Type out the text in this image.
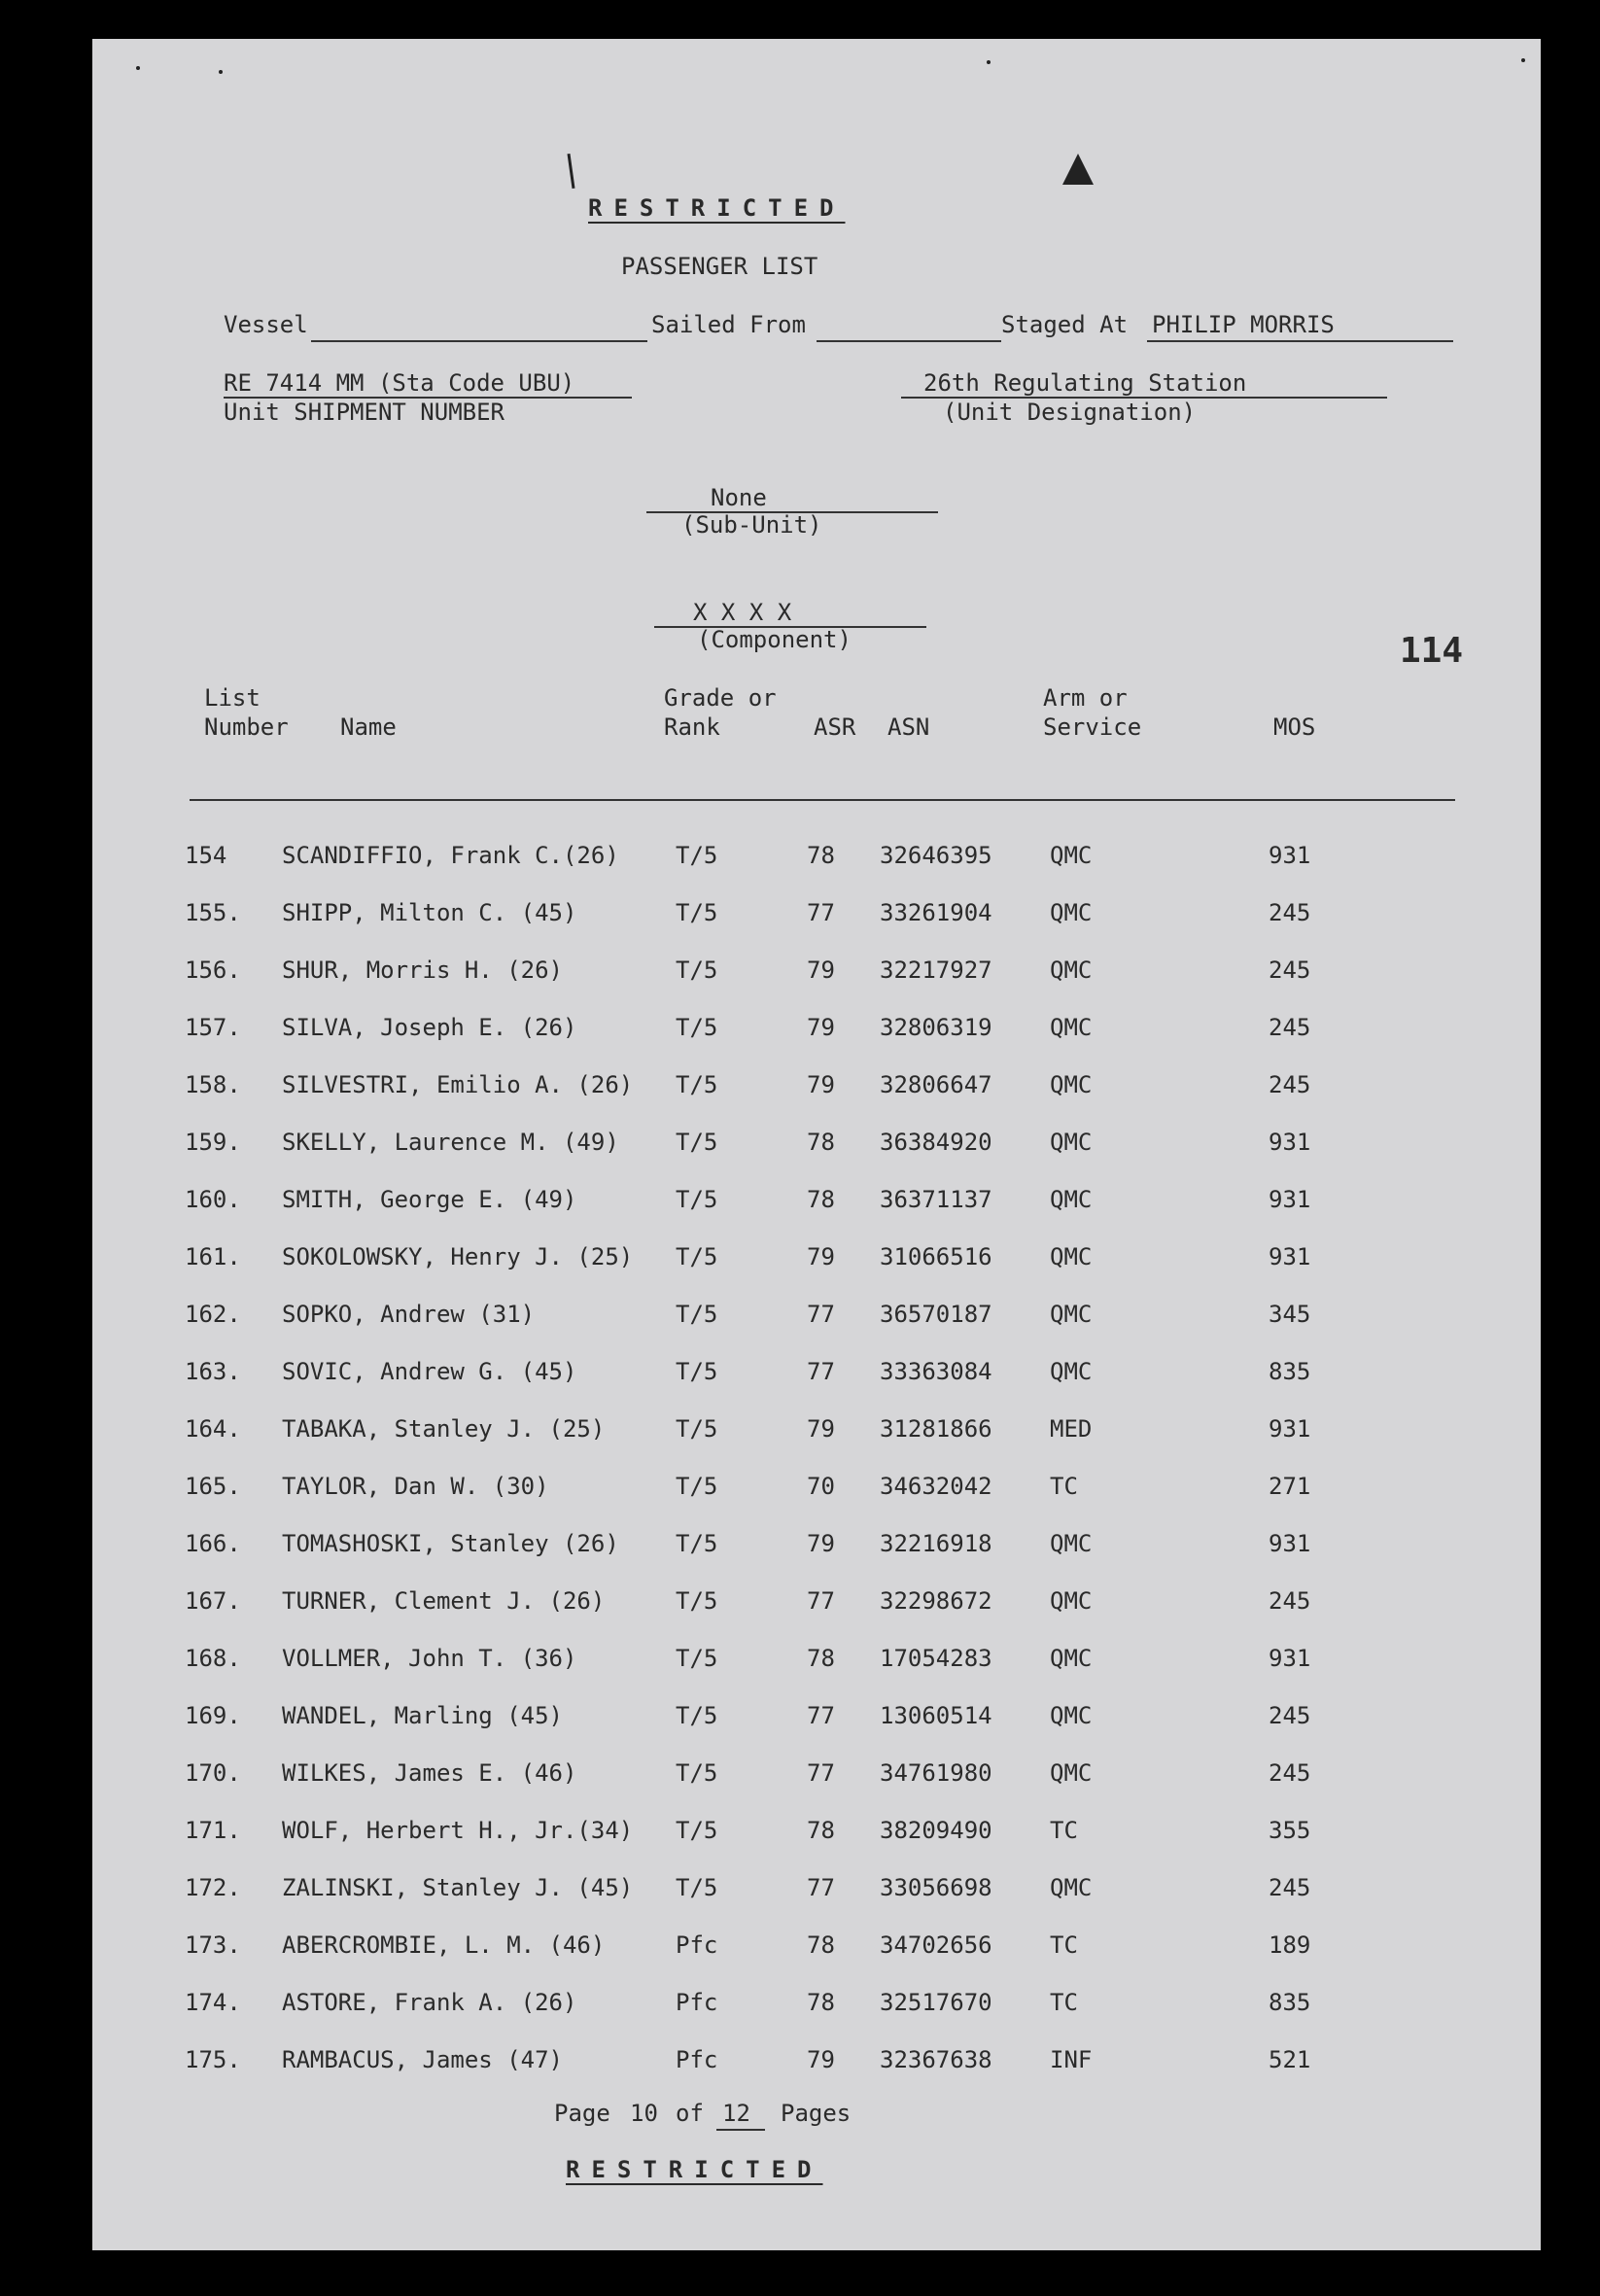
RESTRICTED
PASSENGER LIST
Vessel	Sailed From	Staged At PHILIP MORRIS
RE 7414 MM (Sta Code UBU)
Unit SHIPMENT NUMBER
26th Regulating Station
(Unit Designation)
None
(Sub-Unit)
X X X X
(Component)	114
List
Number Name
Grade or
Rank	ASR ASN
Arm or
Service	MOS
154 SCANDIFFIO, Frank C.(26) T/5	78 32646395 QMC	931
155. SHIPP, Milton C. (45)	T/5	77 33261904 QMC	245
156. SHUR, Morris H. (26)	T/5	79 32217927 QMC	245
157. SILVA, Joseph E. (26)	T/5	79 32806319 QMC	245
158. SILVESTRI, Emilio A. (26) T/5	79 32806647 QMC	245
159. SKELLY, Laurence M. (49) T/5	78 36384920 QMC	931
160. SMITH, George E. (49)	T/5	78 36371137 QMC	931
161. SOKOLOWSKY, Henry J. (25) T/5	79 31066516 QMC	931
162. SOPKO, Andrew (31)	T/5	77 36570187 QMC	345
163. SOVIC, Andrew G. (45)	T/5	77 33363084 QMC	835
164. TABAKA, Stanley J. (25)	T/5	79 31281866 MED	931
165. TAYLOR, Dan W. (30)	T/5	70 34632042 TC	271
166. TOMASHOSKI, Stanley (26) T/5	79 32216918 QMC	931
167. TURNER, Clement J. (26)	T/5	77 32298672 QMC	245
168. VOLLMER, John T. (36)	T/5	78 17054283 QMC	931
169. WANDEL, Marling (45)	T/5	77 13060514 QMC	245
170. WILKES, James E. (46)	T/5	77 34761980 QMC	245
171. WOLF, Herbert H., Jr.(34) T/5	78 38209490 TC	355
172. ZALINSKI, Stanley J. (45) T/5	77 33056698 QMC	245
173. ABERCROMBIE, L. M. (46)	Pfc	78 34702656 TC	189
174. ASTORE, Frank A. (26)	Pfc	78 32517670 TC	835
175. RAMBACUS, James (47)	Pfc	79 32367638 INF	521
Page 10 of 12 Pages
RESTRICTED
